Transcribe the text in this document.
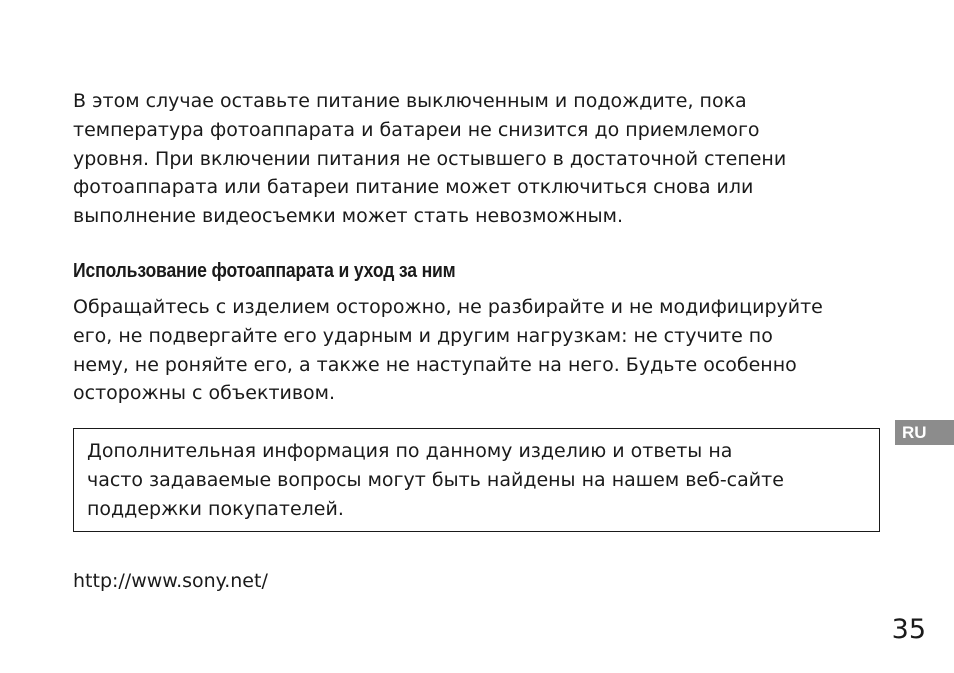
В этом случае оставьте питание выключенным и подождите, пока
температура фотоаппарата и батареи не снизится до приемлемого
уровня. При включении питания не остывшего в достаточной степени
фотоаппарата или батареи питание может отключиться снова или
выполнение видеосъемки может стать невозможным.

Использование фотоаппарата и уход за ним

Обращайтесь с изделием осторожно, не разбирайте и не модифицируйте
его, не подвергайте его ударным и другим нагрузкам: не стучите по
нему, не роняйте его, а также не наступайте на него. Будьте особенно
осторожны с объективом.

Дополнительная информация по данному изделию и ответы на
часто задаваемые вопросы могут быть найдены на нашем веб-сайте
поддержки покупателей.

http://www.sony.net/

RU

35
